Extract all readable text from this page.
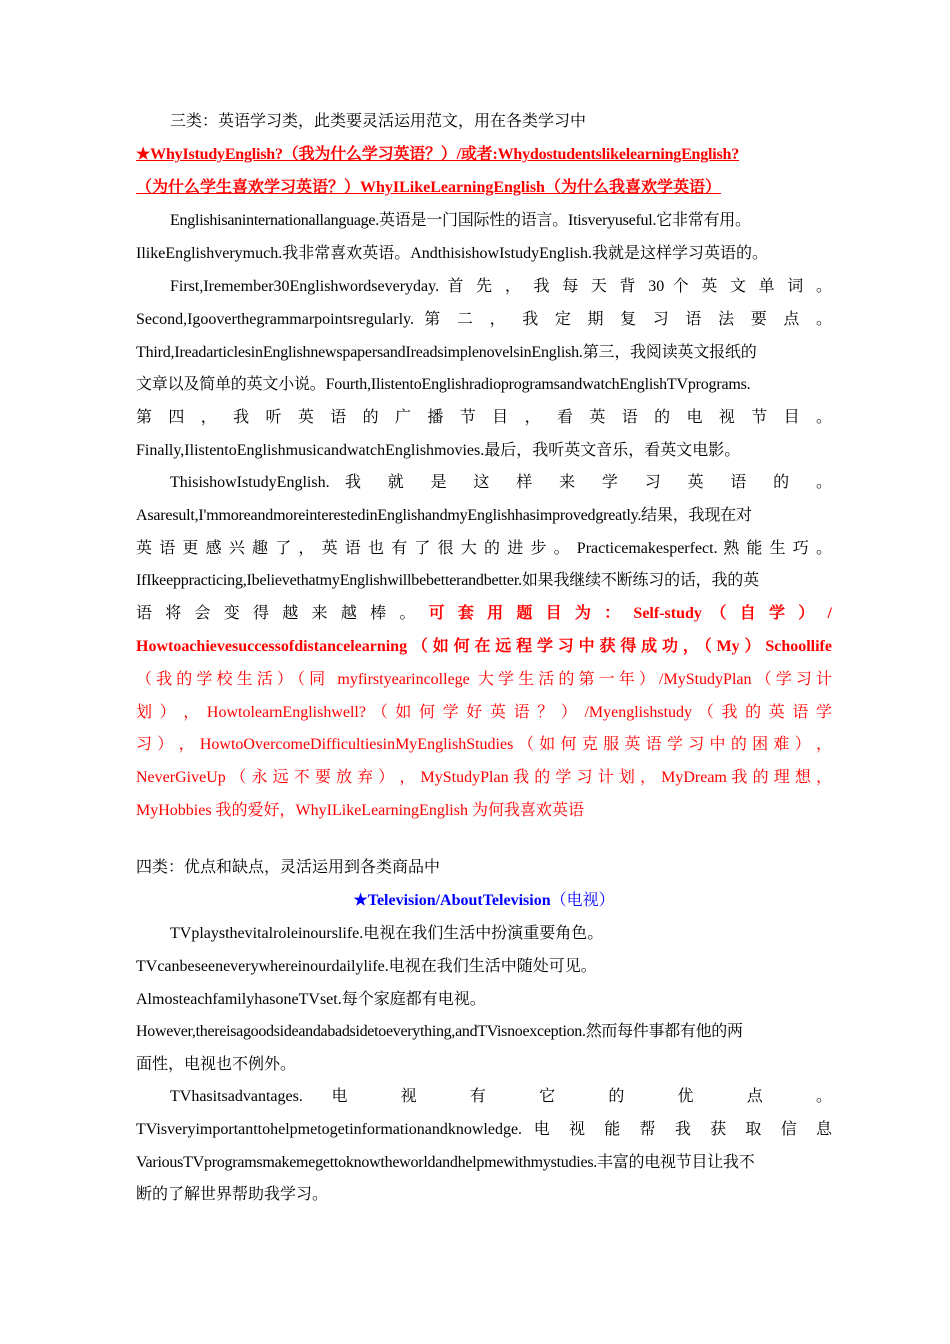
三类：英语学习类，此类要灵活运用范文，用在各类学习中

★WhyIstudyEnglish?（我为什么学习英语？）/或者:WhydostudentslikelearningEnglish?

（为什么学生喜欢学习英语？）WhyILikeLearningEnglish（为什么我喜欢学英语）

Englishisaninternationallanguage.英语是一门国际性的语言。Itisveryuseful.它非常有用。

IlikeEnglishverymuch.我非常喜欢英语。AndthisishowIstudyEnglish.我就是这样学习英语的。

First,Iremember30Englishwordseveryday. 首 先 ， 我 每 天 背 30 个 英 文 单 词 。

Second,Igooverthegrammarpointsregularly. 第 二 ， 我 定 期 复 习 语 法 要 点 。

Third,IreadarticlesinEnglishnewspapersandIreadsimplenovelsinEnglish.第三，我阅读英文报纸的

文章以及简单的英文小说。Fourth,IlistentoEnglishradioprogramsandwatchEnglishTVprograms.

第 四 ， 我 听 英 语 的 广 播 节 目 ， 看 英 语 的 电 视 节 目 。

Finally,IlistentoEnglishmusicandwatchEnglishmovies.最后，我听英文音乐，看英文电影。

ThisishowIstudyEnglish. 我 就 是 这 样 来 学 习 英 语 的 。

Asaresult,I'mmoreandmoreinterestedinEnglishandmyEnglishhasimprovedgreatly.结果，我现在对

英 语 更 感 兴 趣 了 ， 英 语 也 有 了 很 大 的 进 步 。 Practicemakesperfect. 熟 能 生 巧 。

IfIkeeppracticing,IbelievethatmyEnglishwillbebetterandbetter.如果我继续不断练习的话，我的英

语 将 会 变 得 越 来 越 棒 。 可 套 用 题 目 为 ： Self-study （ 自 学 ） /

Howtoachievesuccessofdistancelearning（如何在远程学习中获得成功，（My）Schoollife

（我的学校生活）（同 myfirstyearincollege 大学生活的第一年）/MyStudyPlan（学习计

划 ） ， HowtolearnEnglishwell? （ 如 何 学 好 英 语 ？ ） /Myenglishstudy （ 我 的 英 语 学

习 ） ， HowtoOvercomeDifficultiesinMyEnglishStudies （ 如 何 克 服 英 语 学 习 中 的 困 难 ） ，

NeverGiveUp （ 永 远 不 要 放 弃 ） ， MyStudyPlan 我 的 学 习 计 划 ， MyDream 我 的 理 想 ，

MyHobbies 我的爱好，WhyILikeLearningEnglish 为何我喜欢英语

四类：优点和缺点，灵活运用到各类商品中

★Television/AboutTelevision（电视）

TVplaysthevitalroleinourslife.电视在我们生活中扮演重要角色。

TVcanbeseeneverywhereinourdailylife.电视在我们生活中随处可见。

AlmosteachfamilyhasoneTVset.每个家庭都有电视。

However,thereisagoodsideandabadsidetoeverything,andTVisnoexception.然而每件事都有他的两

面性，电视也不例外。

TVhasitsadvantages. 电 视 有 它 的 优 点 。

TVisveryimportanttohelpmetogetinformationandknowledge. 电 视 能 帮 我 获 取 信 息

VariousTVprogramsmakemegettoknowtheworldandhelpmewithmystudies.丰富的电视节目让我不

断的了解世界帮助我学习。
